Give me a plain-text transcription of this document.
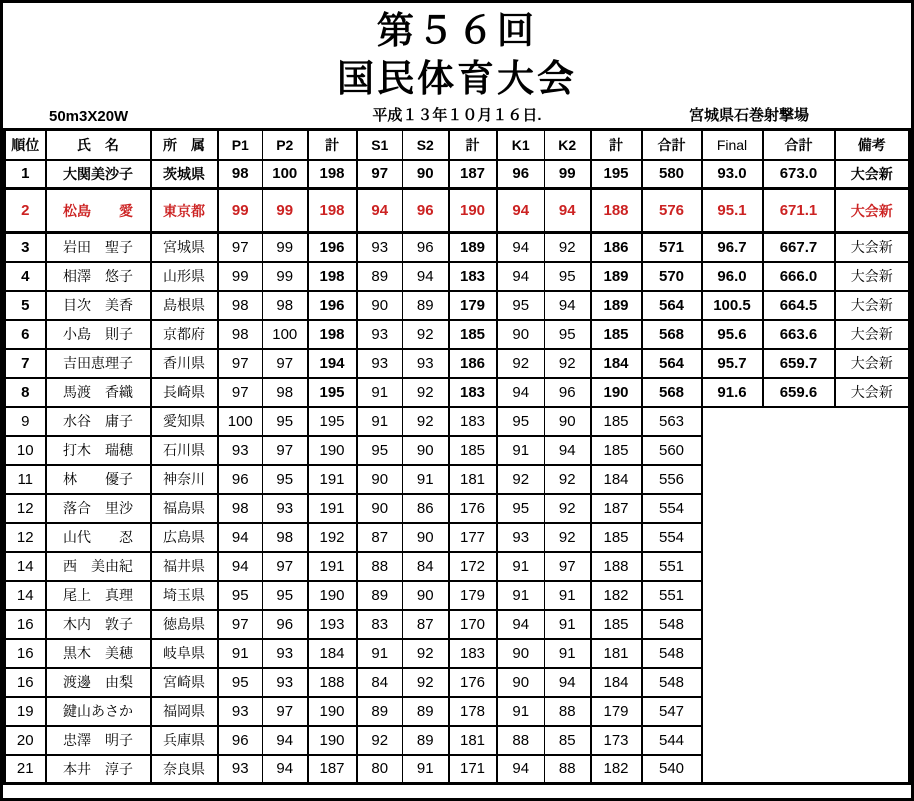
第５６回
国民体育大会
50m3X20W	平成１３年１０月１６日.	宮城県石巻射撃場
順位	氏　名	所　属	P1	P2	計	S1	S2	計	K1	K2	計	合計	Final	合計	備考
1	大関美沙子	茨城県	98	100	198	97	90	187	96	99	195	580	93.0	673.0	大会新
2	松島　　愛	東京都	99	99	198	94	96	190	94	94	188	576	95.1	671.1	大会新
3	岩田　聖子	宮城県	97	99	196	93	96	189	94	92	186	571	96.7	667.7	大会新
4	相澤　悠子	山形県	99	99	198	89	94	183	94	95	189	570	96.0	666.0	大会新
5	目次　美香	島根県	98	98	196	90	89	179	95	94	189	564	100.5	664.5	大会新
6	小島　則子	京都府	98	100	198	93	92	185	90	95	185	568	95.6	663.6	大会新
7	吉田恵理子	香川県	97	97	194	93	93	186	92	92	184	564	95.7	659.7	大会新
8	馬渡　香織	長崎県	97	98	195	91	92	183	94	96	190	568	91.6	659.6	大会新
9	水谷　庸子	愛知県	100	95	195	91	92	183	95	90	185	563			
10	打木　瑞穂	石川県	93	97	190	95	90	185	91	94	185	560			
11	林　　優子	神奈川	96	95	191	90	91	181	92	92	184	556			
12	落合　里沙	福島県	98	93	191	90	86	176	95	92	187	554			
12	山代　　忍	広島県	94	98	192	87	90	177	93	92	185	554			
14	西　美由紀	福井県	94	97	191	88	84	172	91	97	188	551			
14	尾上　真理	埼玉県	95	95	190	89	90	179	91	91	182	551			
16	木内　敦子	徳島県	97	96	193	83	87	170	94	91	185	548			
16	黒木　美穂	岐阜県	91	93	184	91	92	183	90	91	181	548			
16	渡邊　由梨	宮崎県	95	93	188	84	92	176	90	94	184	548			
19	鍵山あさか	福岡県	93	97	190	89	89	178	91	88	179	547			
20	忠澤　明子	兵庫県	96	94	190	92	89	181	88	85	173	544			
21	本井　淳子	奈良県	93	94	187	80	91	171	94	88	182	540			
